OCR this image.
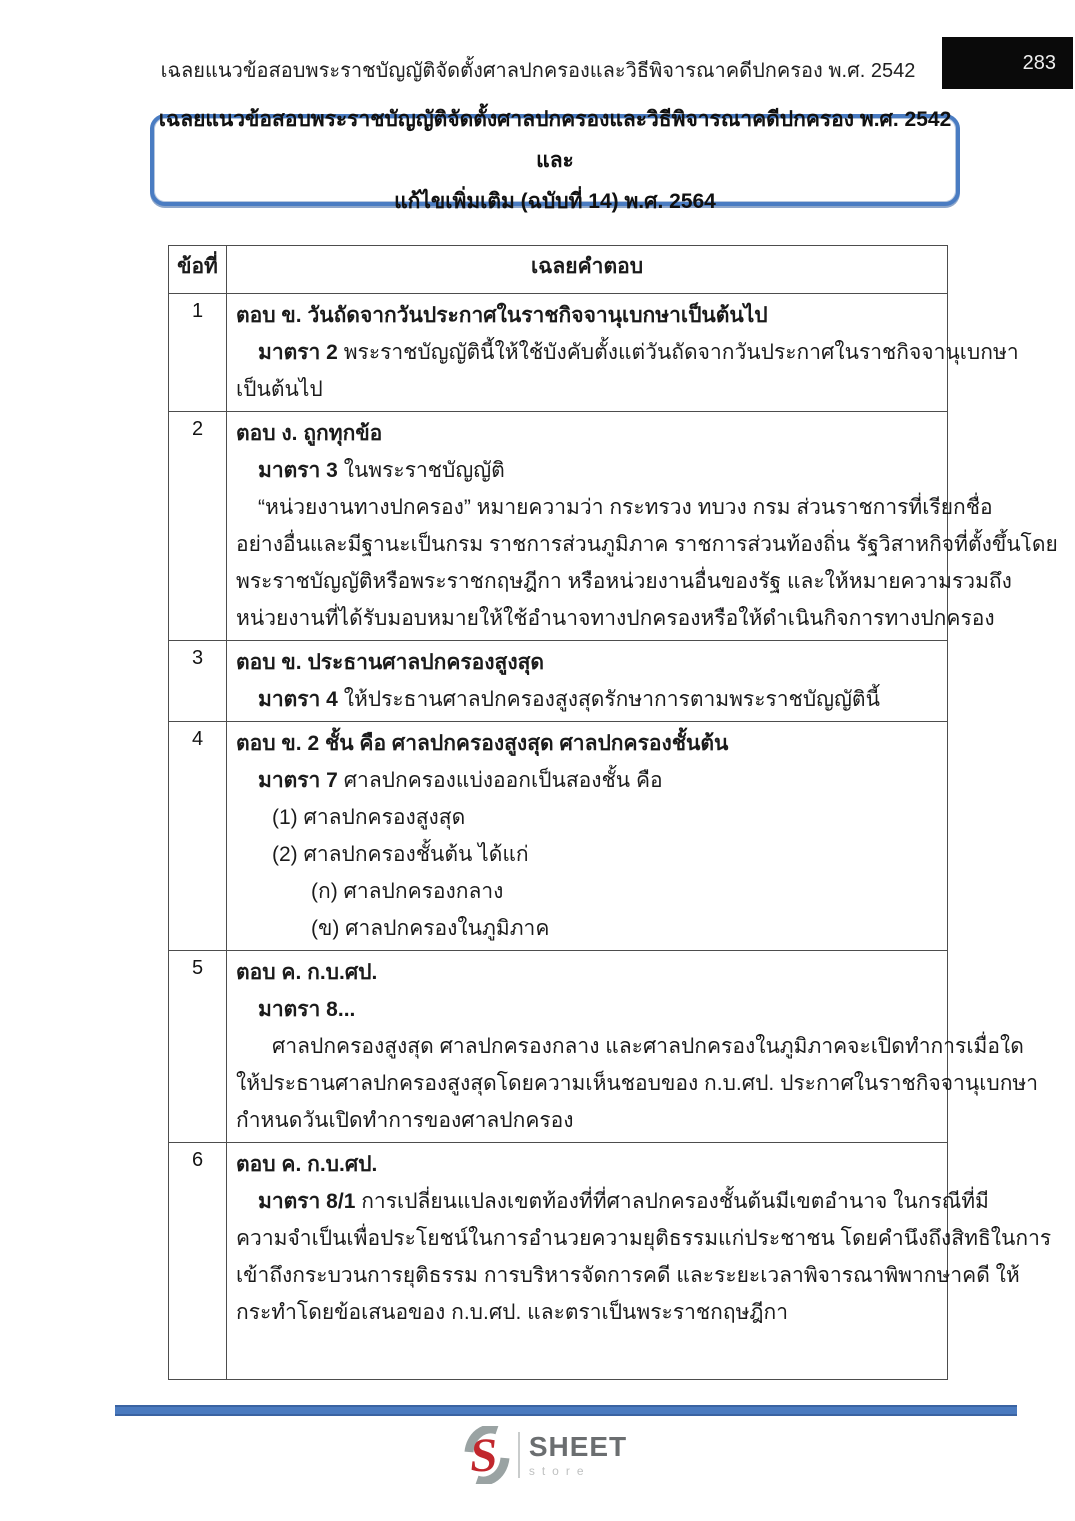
เฉลยแนวข้อสอบพระราชบัญญัติจัดตั้งศาลปกครองและวิธีพิจารณาคดีปกครอง พ.ศ. 2542	283
เฉลยแนวข้อสอบพระราชบัญญัติจัดตั้งศาลปกครองและวิธีพิจารณาคดีปกครอง พ.ศ. 2542 และ
แก้ไขเพิ่มเติม (ฉบับที่ 14) พ.ศ. 2564
ข้อที่	เฉลยคำตอบ
1	ตอบ ข. วันถัดจากวันประกาศในราชกิจจานุเบกษาเป็นต้นไป
มาตรา 2 พระราชบัญญัตินี้ให้ใช้บังคับตั้งแต่วันถัดจากวันประกาศในราชกิจจานุเบกษา
เป็นต้นไป

2	ตอบ ง. ถูกทุกข้อ
มาตรา 3 ในพระราชบัญญัติ
“หน่วยงานทางปกครอง” หมายความว่า กระทรวง ทบวง กรม ส่วนราชการที่เรียกชื่อ
อย่างอื่นและมีฐานะเป็นกรม ราชการส่วนภูมิภาค ราชการส่วนท้องถิ่น รัฐวิสาหกิจที่ตั้งขึ้นโดย
พระราชบัญญัติหรือพระราชกฤษฎีกา หรือหน่วยงานอื่นของรัฐ และให้หมายความรวมถึง
หน่วยงานที่ได้รับมอบหมายให้ใช้อำนาจทางปกครองหรือให้ดำเนินกิจการทางปกครอง

3	ตอบ ข. ประธานศาลปกครองสูงสุด
มาตรา 4 ให้ประธานศาลปกครองสูงสุดรักษาการตามพระราชบัญญัตินี้

4	ตอบ ข. 2 ชั้น คือ ศาลปกครองสูงสุด ศาลปกครองชั้นต้น
มาตรา 7 ศาลปกครองแบ่งออกเป็นสองชั้น คือ
(1) ศาลปกครองสูงสุด
(2) ศาลปกครองชั้นต้น ได้แก่
(ก) ศาลปกครองกลาง
(ข) ศาลปกครองในภูมิภาค

5	ตอบ ค. ก.บ.ศป.
มาตรา 8...
ศาลปกครองสูงสุด ศาลปกครองกลาง และศาลปกครองในภูมิภาคจะเปิดทำการเมื่อใด
ให้ประธานศาลปกครองสูงสุดโดยความเห็นชอบของ ก.บ.ศป. ประกาศในราชกิจจานุเบกษา
กำหนดวันเปิดทำการของศาลปกครอง

6	ตอบ ค. ก.บ.ศป.
มาตรา 8/1 การเปลี่ยนแปลงเขตท้องที่ที่ศาลปกครองชั้นต้นมีเขตอำนาจ ในกรณีที่มี
ความจำเป็นเพื่อประโยชน์ในการอำนวยความยุติธรรมแก่ประชาชน โดยคำนึงถึงสิทธิในการ
เข้าถึงกระบวนการยุติธรรม การบริหารจัดการคดี และระยะเวลาพิจารณาพิพากษาคดี ให้
กระทำโดยข้อเสนอของ ก.บ.ศป. และตราเป็นพระราชกฤษฎีกา
S SHEET
store
